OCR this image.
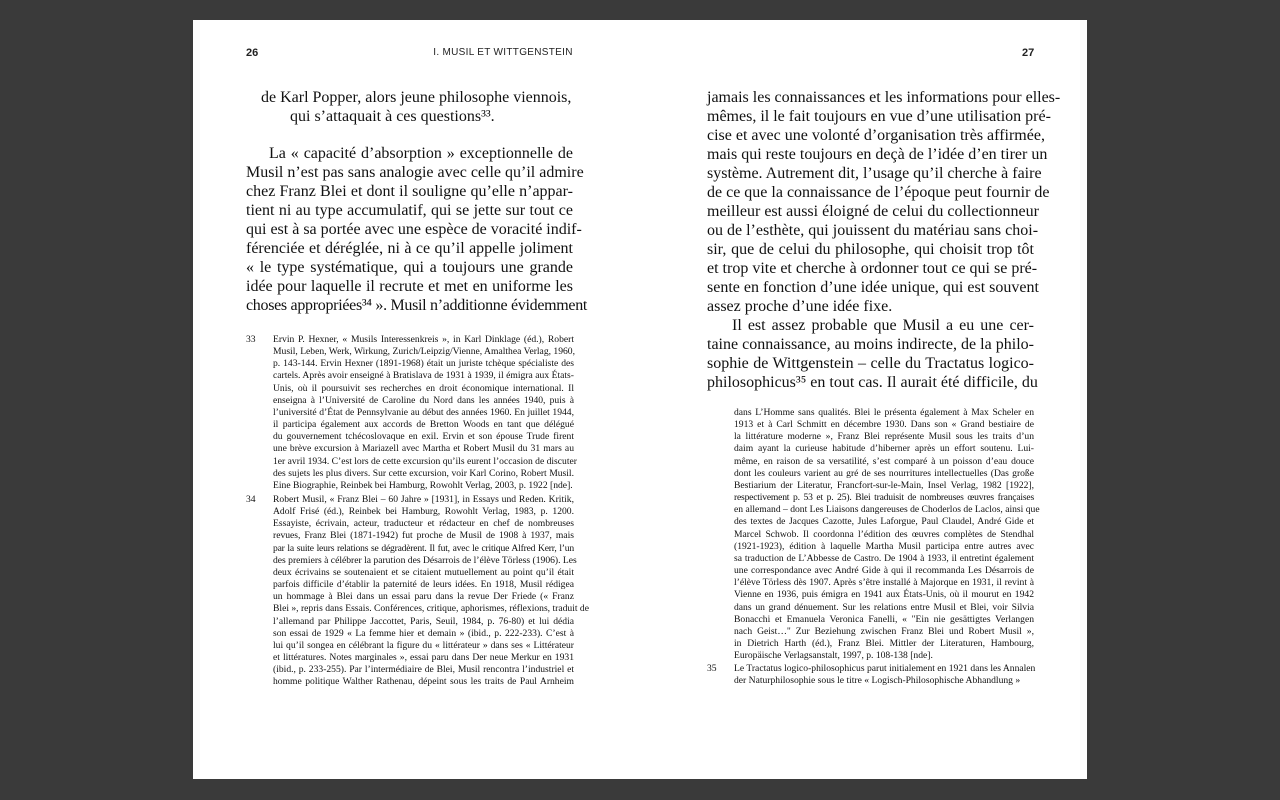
26	I. MUSIL ET WITTGENSTEIN
de Karl Popper, alors jeune philosophe viennois,
qui s’attaquait à ces questions³³.
La « capacité d’absorption » exceptionnelle de
Musil n’est pas sans analogie avec celle qu’il admire
chez Franz Blei et dont il souligne qu’elle n’appar-
tient ni au type accumulatif, qui se jette sur tout ce
qui est à sa portée avec une espèce de voracité indif-
férenciée et déréglée, ni à ce qu’il appelle joliment
« le type systématique, qui a toujours une grande
idée pour laquelle il recrute et met en uniforme les
choses appropriées³⁴ ». Musil n’additionne évidemment
33 Ervin P. Hexner, « Musils Interessenkreis », in Karl Dinklage (éd.), Robert
Musil, Leben, Werk, Wirkung, Zurich/Leipzig/Vienne, Amalthea Verlag, 1960,
p. 143-144. Ervin Hexner (1891-1968) était un juriste tchèque spécialiste des
cartels. Après avoir enseigné à Bratislava de 1931 à 1939, il émigra aux États-
Unis, où il poursuivit ses recherches en droit économique international. Il
enseigna à l’Université de Caroline du Nord dans les années 1940, puis à
l’université d’État de Pennsylvanie au début des années 1960. En juillet 1944,
il participa également aux accords de Bretton Woods en tant que délégué
du gouvernement tchécoslovaque en exil. Ervin et son épouse Trude firent
une brève excursion à Mariazell avec Martha et Robert Musil du 31 mars au
1er avril 1934. C’est lors de cette excursion qu’ils eurent l’occasion de discuter
des sujets les plus divers. Sur cette excursion, voir Karl Corino, Robert Musil.
Eine Biographie, Reinbek bei Hamburg, Rowohlt Verlag, 2003, p. 1922 [nde].
34 Robert Musil, « Franz Blei – 60 Jahre » [1931], in Essays und Reden. Kritik,
Adolf Frisé (éd.), Reinbek bei Hamburg, Rowohlt Verlag, 1983, p. 1200.
Essayiste, écrivain, acteur, traducteur et rédacteur en chef de nombreuses
revues, Franz Blei (1871-1942) fut proche de Musil de 1908 à 1937, mais
par la suite leurs relations se dégradèrent. Il fut, avec le critique Alfred Kerr, l’un
des premiers à célébrer la parution des Désarrois de l’élève Törless (1906). Les
deux écrivains se soutenaient et se citaient mutuellement au point qu’il était
parfois difficile d’établir la paternité de leurs idées. En 1918, Musil rédigea
un hommage à Blei dans un essai paru dans la revue Der Friede (« Franz
Blei », repris dans Essais. Conférences, critique, aphorismes, réflexions, traduit de
l’allemand par Philippe Jaccottet, Paris, Seuil, 1984, p. 76-80) et lui dédia
son essai de 1929 « La femme hier et demain » (ibid., p. 222-233). C’est à
lui qu’il songea en célébrant la figure du « littérateur » dans ses « Littérateur
et littératures. Notes marginales », essai paru dans Der neue Merkur en 1931
(ibid., p. 233-255). Par l’intermédiaire de Blei, Musil rencontra l’industriel et
homme politique Walther Rathenau, dépeint sous les traits de Paul Arnheim
27
jamais les connaissances et les informations pour elles-
mêmes, il le fait toujours en vue d’une utilisation pré-
cise et avec une volonté d’organisation très affirmée,
mais qui reste toujours en deçà de l’idée d’en tirer un
système. Autrement dit, l’usage qu’il cherche à faire
de ce que la connaissance de l’époque peut fournir de
meilleur est aussi éloigné de celui du collectionneur
ou de l’esthète, qui jouissent du matériau sans choi-
sir, que de celui du philosophe, qui choisit trop tôt
et trop vite et cherche à ordonner tout ce qui se pré-
sente en fonction d’une idée unique, qui est souvent
assez proche d’une idée fixe.
Il est assez probable que Musil a eu une cer-
taine connaissance, au moins indirecte, de la philo-
sophie de Wittgenstein – celle du Tractatus logico-
philosophicus³⁵ en tout cas. Il aurait été difficile, du
dans L’Homme sans qualités. Blei le présenta également à Max Scheler en
1913 et à Carl Schmitt en décembre 1930. Dans son « Grand bestiaire de
la littérature moderne », Franz Blei représente Musil sous les traits d’un
daim ayant la curieuse habitude d’hiberner après un effort soutenu. Lui-
même, en raison de sa versatilité, s’est comparé à un poisson d’eau douce
dont les couleurs varient au gré de ses nourritures intellectuelles (Das große
Bestiarium der Literatur, Francfort-sur-le-Main, Insel Verlag, 1982 [1922],
respectivement p. 53 et p. 25). Blei traduisit de nombreuses œuvres françaises
en allemand – dont Les Liaisons dangereuses de Choderlos de Laclos, ainsi que
des textes de Jacques Cazotte, Jules Laforgue, Paul Claudel, André Gide et
Marcel Schwob. Il coordonna l’édition des œuvres complètes de Stendhal
(1921-1923), édition à laquelle Martha Musil participa entre autres avec
sa traduction de L’Abbesse de Castro. De 1904 à 1933, il entretint également
une correspondance avec André Gide à qui il recommanda Les Désarrois de
l’élève Törless dès 1907. Après s’être installé à Majorque en 1931, il revint à
Vienne en 1936, puis émigra en 1941 aux États-Unis, où il mourut en 1942
dans un grand dénuement. Sur les relations entre Musil et Blei, voir Silvia
Bonacchi et Emanuela Veronica Fanelli, « "Ein nie gesättigtes Verlangen
nach Geist…" Zur Beziehung zwischen Franz Blei und Robert Musil »,
in Dietrich Harth (éd.), Franz Blei. Mittler der Literaturen, Hambourg,
Europäische Verlagsanstalt, 1997, p. 108-138 [nde].
35 Le Tractatus logico-philosophicus parut initialement en 1921 dans les Annalen
der Naturphilosophie sous le titre « Logisch-Philosophische Abhandlung »
